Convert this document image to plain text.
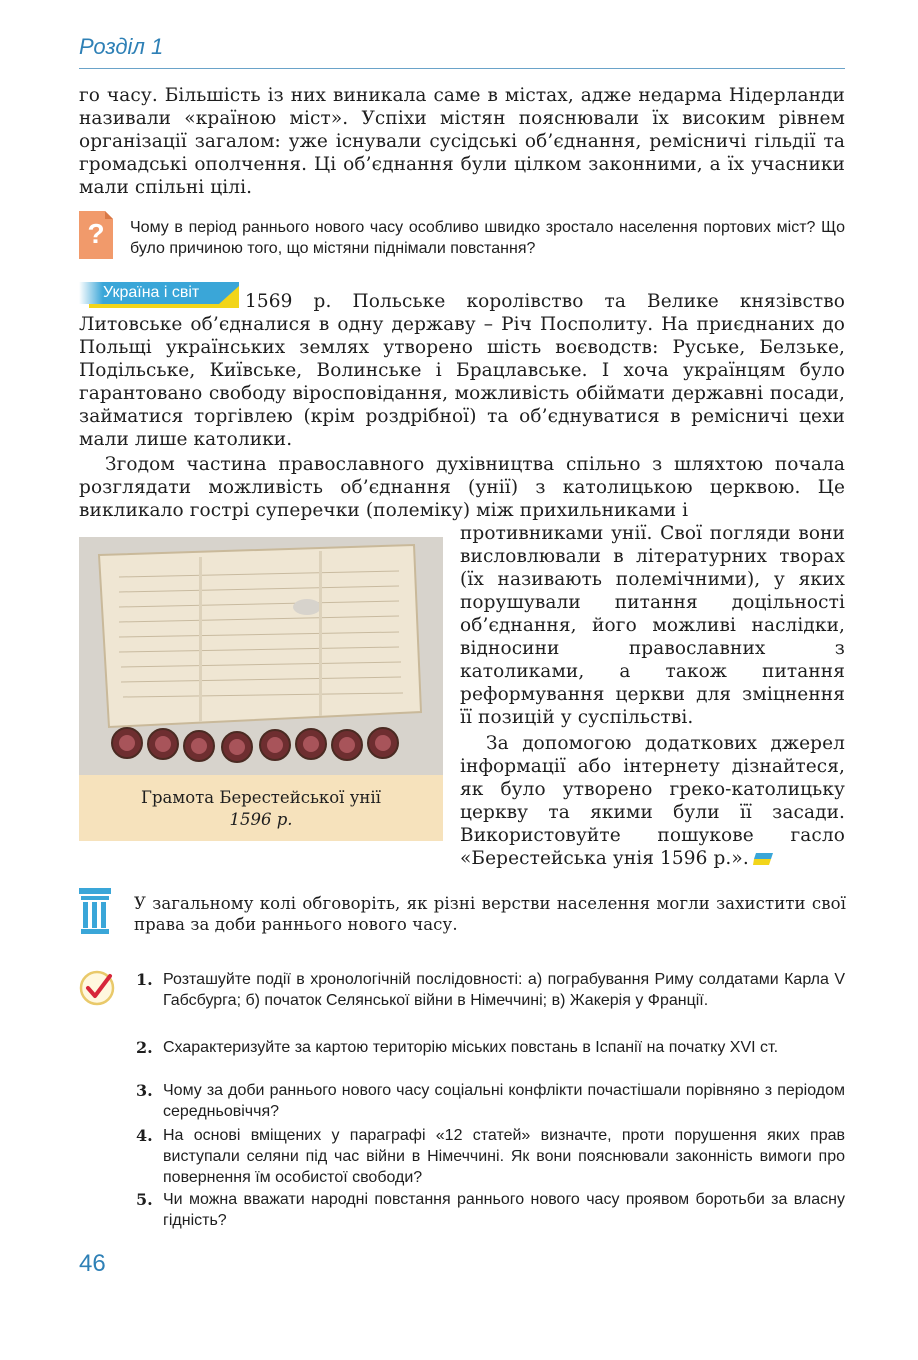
Розділ 1

го часу. Більшість із них виникала саме в містах, адже недарма Нідерланди називали «країною міст». Успіхи містян пояснювали їх високим рівнем організації загалом: уже існували сусідські об’єднання, ремісничі гільдії та громадські ополчення. Ці об’єднання були цілком законними, а їх учасники мали спільні цілі.

? Чому в період раннього нового часу особливо швидко зростало населення портових міст? Що було причиною того, що містяни піднімали повстання?

Україна і світ	1569 р. Польське королівство та Велике князівство Литовське об’єдналися в одну державу – Річ Посполиту. На приєднаних до Польщі українських землях утворено шість воєводств: Руське, Белзьке, Подільське, Київське, Волинське і Брацлавське. І хоча українцям було гарантовано свободу віросповідання, можливість обіймати державні посади, займатися торгівлею (крім роздрібної) та об’єднуватися в ремісничі цехи мали лише католики.

Згодом частина православного духівництва спільно з шляхтою почала розглядати можливість об’єднання (унії) з католицькою церквою. Це викликало гострі суперечки (полеміку) між прихильниками і

противниками унії. Свої погляди вони висловлювали в літературних творах (їх називають полемічними), у яких порушували питання доцільності об’єднання, його можливі наслідки, відносини православних з католиками, а також питання реформування церкви для зміцнення її позицій у суспільстві.

За допомогою додаткових джерел інформації або інтернету дізнайтеся, як було утворено греко-католицьку церкву та якими були її засади. Використовуйте пошукове гасло «Берестейська унія 1596 р.».

Грамота Берестейської унії
1596 р.

У загальному колі обговоріть, як різні верстви населення могли захистити свої права за доби раннього нового часу.

1. Розташуйте події в хронологічній послідовності: а) пограбування Риму солдатами Карла V Габсбурга; б) початок Селянської війни в Німеччині; в) Жакерія у Франції.

2. Схарактеризуйте за картою територію міських повстань в Іспанії на початку XVI ст.

3. Чому за доби раннього нового часу соціальні конфлікти почастішали порівняно з періодом середньовіччя?

4. На основі вміщених у параграфі «12 статей» визначте, проти порушення яких прав виступали селяни під час війни в Німеччині. Як вони пояснювали законність вимоги про повернення їм особистої свободи?

5. Чи можна вважати народні повстання раннього нового часу проявом боротьби за власну гідність?

46
